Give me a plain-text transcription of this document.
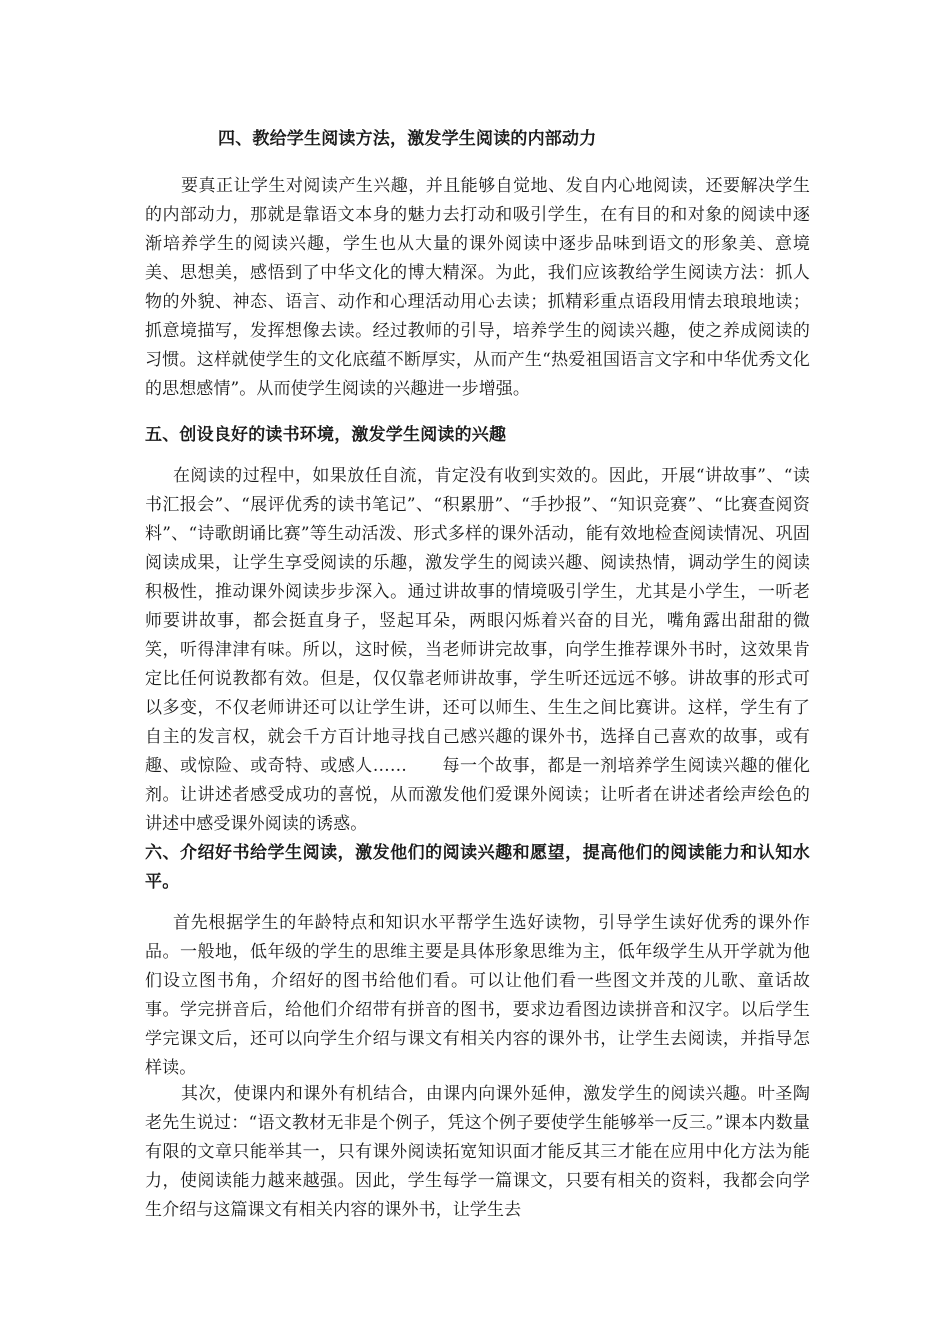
四、教给学生阅读方法，激发学生阅读的内部动力
要真正让学生对阅读产生兴趣，并且能够自觉地、发自内心地阅读，还要解决学生的内部动力，那就是靠语文本身的魅力去打动和吸引学生，在有目的和对象的阅读中逐渐培养学生的阅读兴趣，学生也从大量的课外阅读中逐步品味到语文的形象美、意境美、思想美，感悟到了中华文化的博大精深。为此，我们应该教给学生阅读方法：抓人物的外貌、神态、语言、动作和心理活动用心去读；抓精彩重点语段用情去琅琅地读；抓意境描写，发挥想像去读。经过教师的引导，培养学生的阅读兴趣，使之养成阅读的习惯。这样就使学生的文化底蕴不断厚实，从而产生“热爱祖国语言文字和中华优秀文化的思想感情”。从而使学生阅读的兴趣进一步增强。
五、创设良好的读书环境，激发学生阅读的兴趣
在阅读的过程中，如果放任自流，肯定没有收到实效的。因此，开展“讲故事”、“读书汇报会”、“展评优秀的读书笔记”、“积累册”、“手抄报”、“知识竞赛”、“比赛查阅资料”、“诗歌朗诵比赛”等生动活泼、形式多样的课外活动，能有效地检查阅读情况、巩固阅读成果，让学生享受阅读的乐趣，激发学生的阅读兴趣、阅读热情，调动学生的阅读积极性，推动课外阅读步步深入。通过讲故事的情境吸引学生，尤其是小学生，一听老师要讲故事，都会挺直身子，竖起耳朵，两眼闪烁着兴奋的目光，嘴角露出甜甜的微笑，听得津津有味。所以，这时候，当老师讲完故事，向学生推荐课外书时，这效果肯定比任何说教都有效。但是，仅仅靠老师讲故事，学生听还远远不够。讲故事的形式可以多变，不仅老师讲还可以让学生讲，还可以师生、生生之间比赛讲。这样，学生有了自主的发言权，就会千方百计地寻找自己感兴趣的课外书，选择自己喜欢的故事，或有趣、或惊险、或奇特、或感人……　　每一个故事，都是一剂培养学生阅读兴趣的催化剂。让讲述者感受成功的喜悦，从而激发他们爱课外阅读；让听者在讲述者绘声绘色的讲述中感受课外阅读的诱惑。
六、介绍好书给学生阅读，激发他们的阅读兴趣和愿望，提高他们的阅读能力和认知水平。
首先根据学生的年龄特点和知识水平帮学生选好读物，引导学生读好优秀的课外作品。一般地，低年级的学生的思维主要是具体形象思维为主，低年级学生从开学就为他们设立图书角，介绍好的图书给他们看。可以让他们看一些图文并茂的儿歌、童话故事。学完拼音后，给他们介绍带有拼音的图书，要求边看图边读拼音和汉字。以后学生学完课文后，还可以向学生介绍与课文有相关内容的课外书，让学生去阅读，并指导怎样读。
其次，使课内和课外有机结合，由课内向课外延伸，激发学生的阅读兴趣。叶圣陶老先生说过：“语文教材无非是个例子，凭这个例子要使学生能够举一反三。”课本内数量有限的文章只能举其一，只有课外阅读拓宽知识面才能反其三才能在应用中化方法为能力，使阅读能力越来越强。因此，学生每学一篇课文，只要有相关的资料，我都会向学生介绍与这篇课文有相关内容的课外书，让学生去
